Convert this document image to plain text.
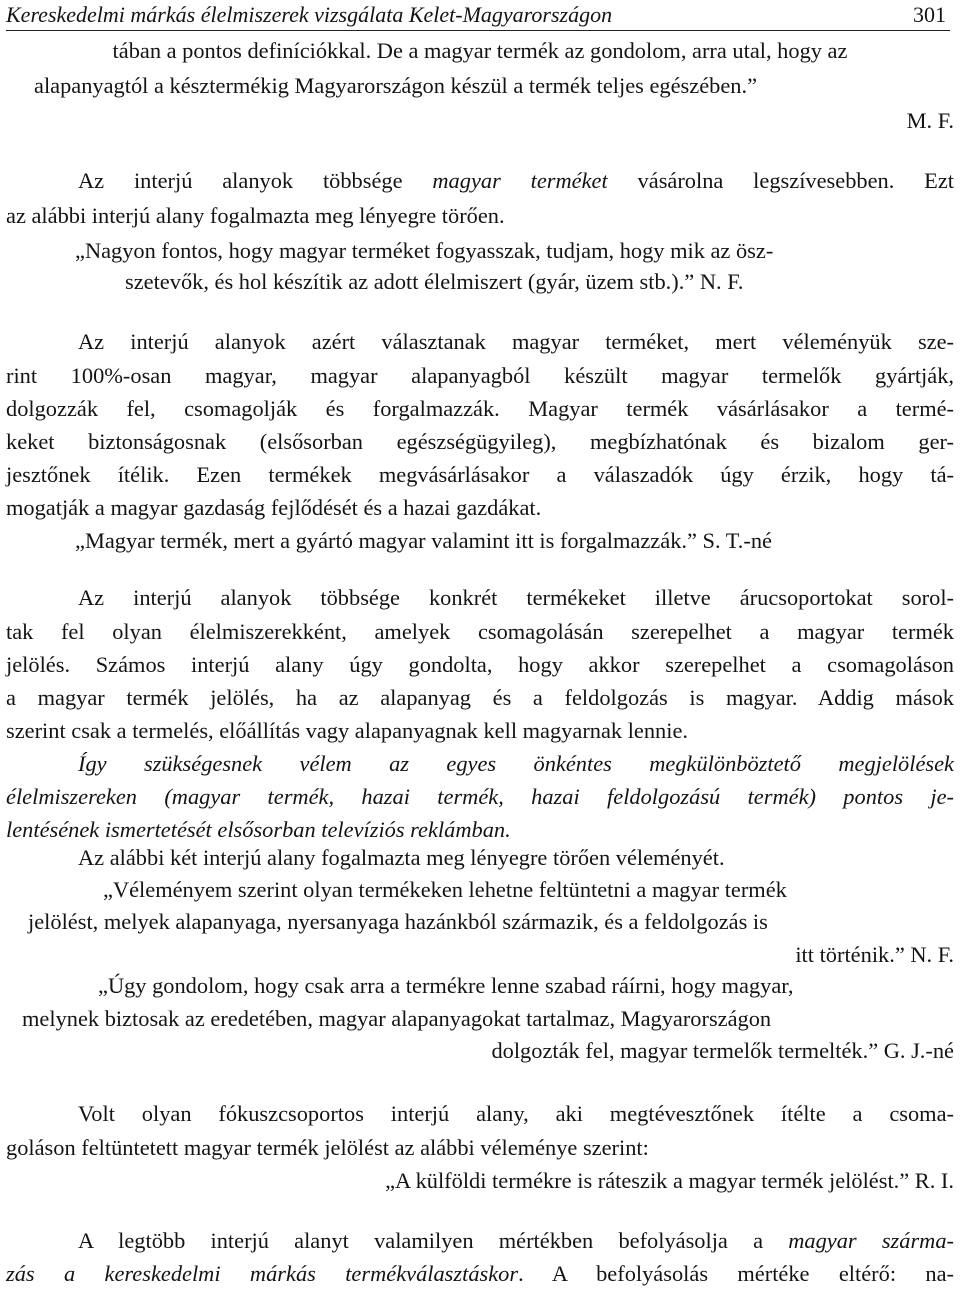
Kereskedelmi márkás élelmiszerek vizsgálata Kelet-Magyarországon	301
tában a pontos definíciókkal. De a magyar termék az gondolom, arra utal, hogy az
alapanyagtól a késztermékig Magyarországon készül a termék teljes egészében.”
M. F.
Az interjú alanyok többsége magyar terméket vásárolna legszívesebben. Ezt
az alábbi interjú alany fogalmazta meg lényegre törően.
„Nagyon fontos, hogy magyar terméket fogyasszak, tudjam, hogy mik az ösz-
szetevők, és hol készítik az adott élelmiszert (gyár, üzem stb.).” N. F.
Az interjú alanyok azért választanak magyar terméket, mert véleményük sze-
rint 100%-osan magyar, magyar alapanyagból készült magyar termelők gyártják,
dolgozzák fel, csomagolják és forgalmazzák. Magyar termék vásárlásakor a termé-
keket biztonságosnak (elsősorban egészségügyileg), megbízhatónak és bizalom ger-
jesztőnek ítélik. Ezen termékek megvásárlásakor a válaszadók úgy érzik, hogy tá-
mogatják a magyar gazdaság fejlődését és a hazai gazdákat.
„Magyar termék, mert a gyártó magyar valamint itt is forgalmazzák.” S. T.-né
Az interjú alanyok többsége konkrét termékeket illetve árucsoportokat sorol-
tak fel olyan élelmiszerekként, amelyek csomagolásán szerepelhet a magyar termék
jelölés. Számos interjú alany úgy gondolta, hogy akkor szerepelhet a csomagoláson
a magyar termék jelölés, ha az alapanyag és a feldolgozás is magyar. Addig mások
szerint csak a termelés, előállítás vagy alapanyagnak kell magyarnak lennie.
Így szükségesnek vélem az egyes önkéntes megkülönböztető megjelölések
élelmiszereken (magyar termék, hazai termék, hazai feldolgozású termék) pontos je-
lentésének ismertetését elsősorban televíziós reklámban.
Az alábbi két interjú alany fogalmazta meg lényegre törően véleményét.
„Véleményem szerint olyan termékeken lehetne feltüntetni a magyar termék
jelölést, melyek alapanyaga, nyersanyaga hazánkból származik, és a feldolgozás is
itt történik.” N. F.
„Úgy gondolom, hogy csak arra a termékre lenne szabad ráírni, hogy magyar,
melynek biztosak az eredetében, magyar alapanyagokat tartalmaz, Magyarországon
dolgozták fel, magyar termelők termelték.” G. J.-né
Volt olyan fókuszcsoportos interjú alany, aki megtévesztőnek ítélte a csoma-
goláson feltüntetett magyar termék jelölést az alábbi véleménye szerint:
„A külföldi termékre is ráteszik a magyar termék jelölést.” R. I.
A legtöbb interjú alanyt valamilyen mértékben befolyásolja a magyar szárma-
zás a kereskedelmi márkás termékválasztáskor. A befolyásolás mértéke eltérő: na-
